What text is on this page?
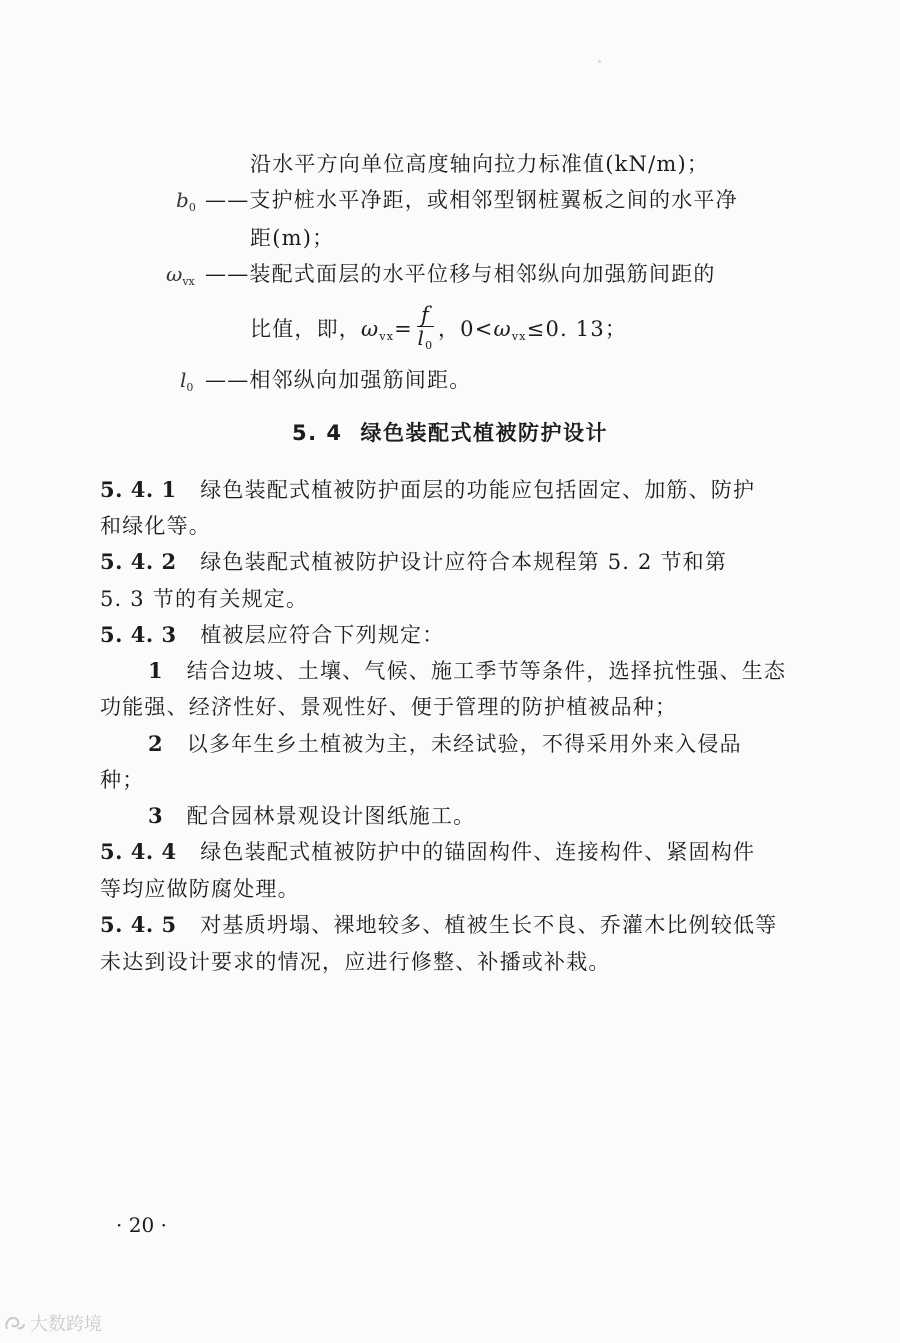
沿水平方向单位高度轴向拉力标准值(kN/m)；
$b_0$ ——支护桩水平净距，或相邻型钢桩翼板之间的水平净
距(m)；
$\omega_{vx}$ ——装配式面层的水平位移与相邻纵向加强筋间距的
比值，即，$\omega_{vx}= \frac{f}{l_0}$ ，$0<\omega_{vx}\le 0$. 13；
$l_0$ ——相邻纵向加强筋间距。
5. 4 绿色装配式植被防护设计
5. 4. 1 绿色装配式植被防护面层的功能应包括固定、加筋、防护
和绿化等。
5. 4. 2 绿色装配式植被防护设计应符合本规程第 5. 2 节和第
5. 3 节的有关规定。
5. 4. 3 植被层应符合下列规定：
1 结合边坡、土壤、气候、施工季节等条件，选择抗性强、生态
功能强、经济性好、景观性好、便于管理的防护植被品种；
2 以多年生乡土植被为主，未经试验，不得采用外来入侵品
种；
3 配合园林景观设计图纸施工。
5. 4. 4 绿色装配式植被防护中的锚固构件、连接构件、紧固构件
等均应做防腐处理。
5. 4. 5 对基质坍塌、裸地较多、植被生长不良、乔灌木比例较低等
未达到设计要求的情况，应进行修整、补播或补栽。
· 20 ·
大数跨境
